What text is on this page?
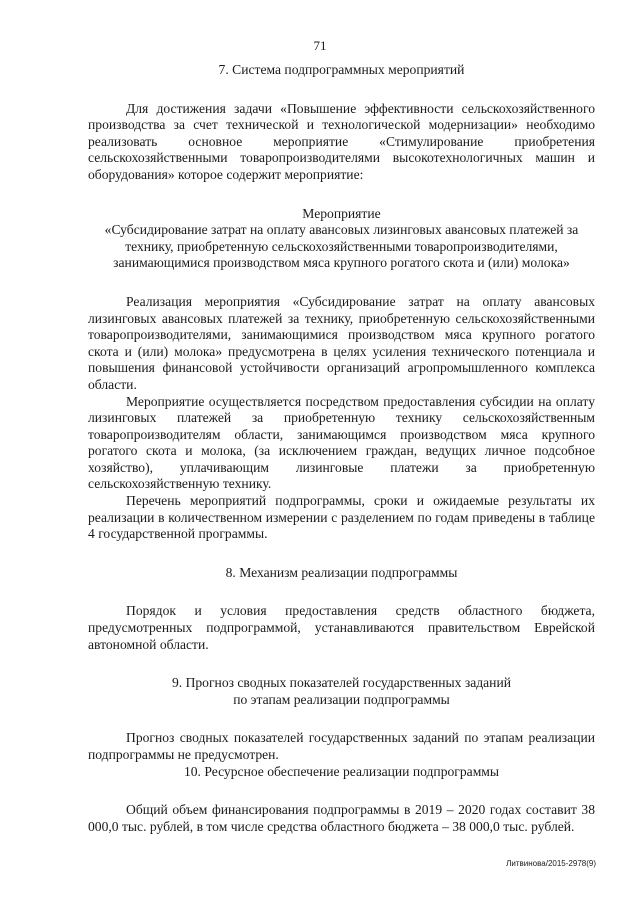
71

7. Система подпрограммных мероприятий

Для достижения задачи «Повышение эффективности сельскохозяйственного производства за счет технической и технологической модернизации» необходимо реализовать основное мероприятие «Стимулирование приобретения сельскохозяйственными товаропроизводителями высокотехнологичных машин и оборудования» которое содержит мероприятие:

Мероприятие

«Субсидирование затрат на оплату авансовых лизинговых авансовых платежей за технику, приобретенную сельскохозяйственными товаропроизводителями, занимающимися производством мяса крупного рогатого скота и (или) молока»

Реализация мероприятия «Субсидирование затрат на оплату авансовых лизинговых авансовых платежей за технику, приобретенную сельскохозяйственными товаропроизводителями, занимающимися производством мяса крупного рогатого скота и (или) молока» предусмотрена в целях усиления технического потенциала и повышения финансовой устойчивости организаций агропромышленного комплекса области.

Мероприятие осуществляется посредством предоставления субсидии на оплату лизинговых платежей за приобретенную технику сельскохозяйственным товаропроизводителям области, занимающимся производством мяса крупного рогатого скота и молока, (за исключением граждан, ведущих личное подсобное хозяйство), уплачивающим лизинговые платежи за приобретенную сельскохозяйственную технику.

Перечень мероприятий подпрограммы, сроки и ожидаемые результаты их реализации в количественном измерении с разделением по годам приведены в таблице 4 государственной программы.

8. Механизм реализации подпрограммы

Порядок и условия предоставления средств областного бюджета, предусмотренных подпрограммой, устанавливаются правительством Еврейской автономной области.

9. Прогноз сводных показателей государственных заданий

по этапам реализации подпрограммы

Прогноз сводных показателей государственных заданий по этапам реализации подпрограммы не предусмотрен.

10. Ресурсное обеспечение реализации подпрограммы

Общий объем финансирования подпрограммы в 2019 – 2020 годах составит 38 000,0 тыс. рублей, в том числе средства областного бюджета – 38 000,0 тыс. рублей.

Литвинова/2015-2978(9)
